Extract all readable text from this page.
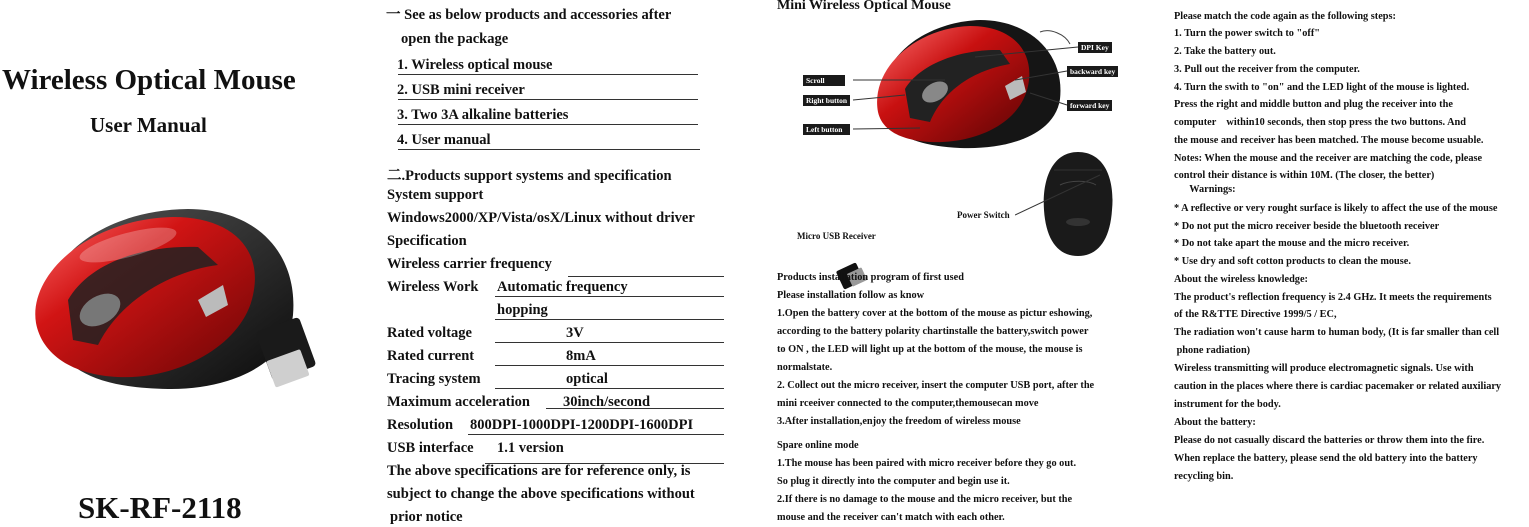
Wireless Optical Mouse
User Manual
SK-RF-2118
一 See as below products and accessories after
open the package
1. Wireless optical mouse
2. USB mini receiver
3. Two 3A alkaline batteries
4. User manual
二.Products support systems and specification
System support
Windows2000/XP/Vista/osX/Linux without driver
Specification
Wireless carrier frequency
Wireless Work Automatic frequency
hopping
Rated voltage	3V
Rated current	8mA
Tracing system	optical
Maximum acceleration 30inch/second
Resolution 800DPI-1000DPI-1200DPI-1600DPI
USB interface 1.1 version
The above specifications are for reference only, is
subject to change the above specifications without
prior notice
Mini Wireless Optical Mouse
DPI Key
backward key
forward key
Scroll
Right button
Left button
Power Switch
Micro USB Receiver
Products installation program of first used
Please installation follow as know
1.Open the battery cover at the bottom of the mouse as pictur eshowing,
according to the battery polarity chartinstalle the battery,switch power
to ON , the LED will light up at the bottom of the mouse, the mouse is
normalstate.
2. Collect out the micro receiver, insert the computer USB port, after the
mini rceeiver connected to the computer,themousecan move
3.After installation,enjoy the freedom of wireless mouse
Spare online mode
1.The mouse has been paired with micro receiver before they go out.
So plug it directly into the computer and begin use it.
2.If there is no damage to the mouse and the micro receiver, but the
mouse and the receiver can't match with each other.
Please match the code again as the following steps:
1. Turn the power switch to "off"
2. Take the battery out.
3. Pull out the receiver from the computer.
4. Turn the swith to "on" and the LED light of the mouse is lighted.
Press the right and middle button and plug the receiver into the
computer    within10 seconds, then stop press the two buttons. And
the mouse and receiver has been matched. The mouse become usuable.
Notes: When the mouse and the receiver are matching the code, please
control their distance is within 10M. (The closer, the better)
Warnings:
* A reflective or very rought surface is likely to affect the use of the mouse
* Do not put the micro receiver beside the bluetooth receiver
* Do not take apart the mouse and the micro receiver.
* Use dry and soft cotton products to clean the mouse.
About the wireless knowledge:
The product's reflection frequency is 2.4 GHz. It meets the requirements
of the R&TTE Directive 1999/5 / EC,
The radiation won't cause harm to human body, (It is far smaller than cell
phone radiation)
Wireless transmitting will produce electromagnetic signals. Use with
caution in the places where there is cardiac pacemaker or related auxiliary
instrument for the body.
About the battery:
Please do not casually discard the batteries or throw them into the fire.
When replace the battery, please send the old battery into the battery
recycling bin.
